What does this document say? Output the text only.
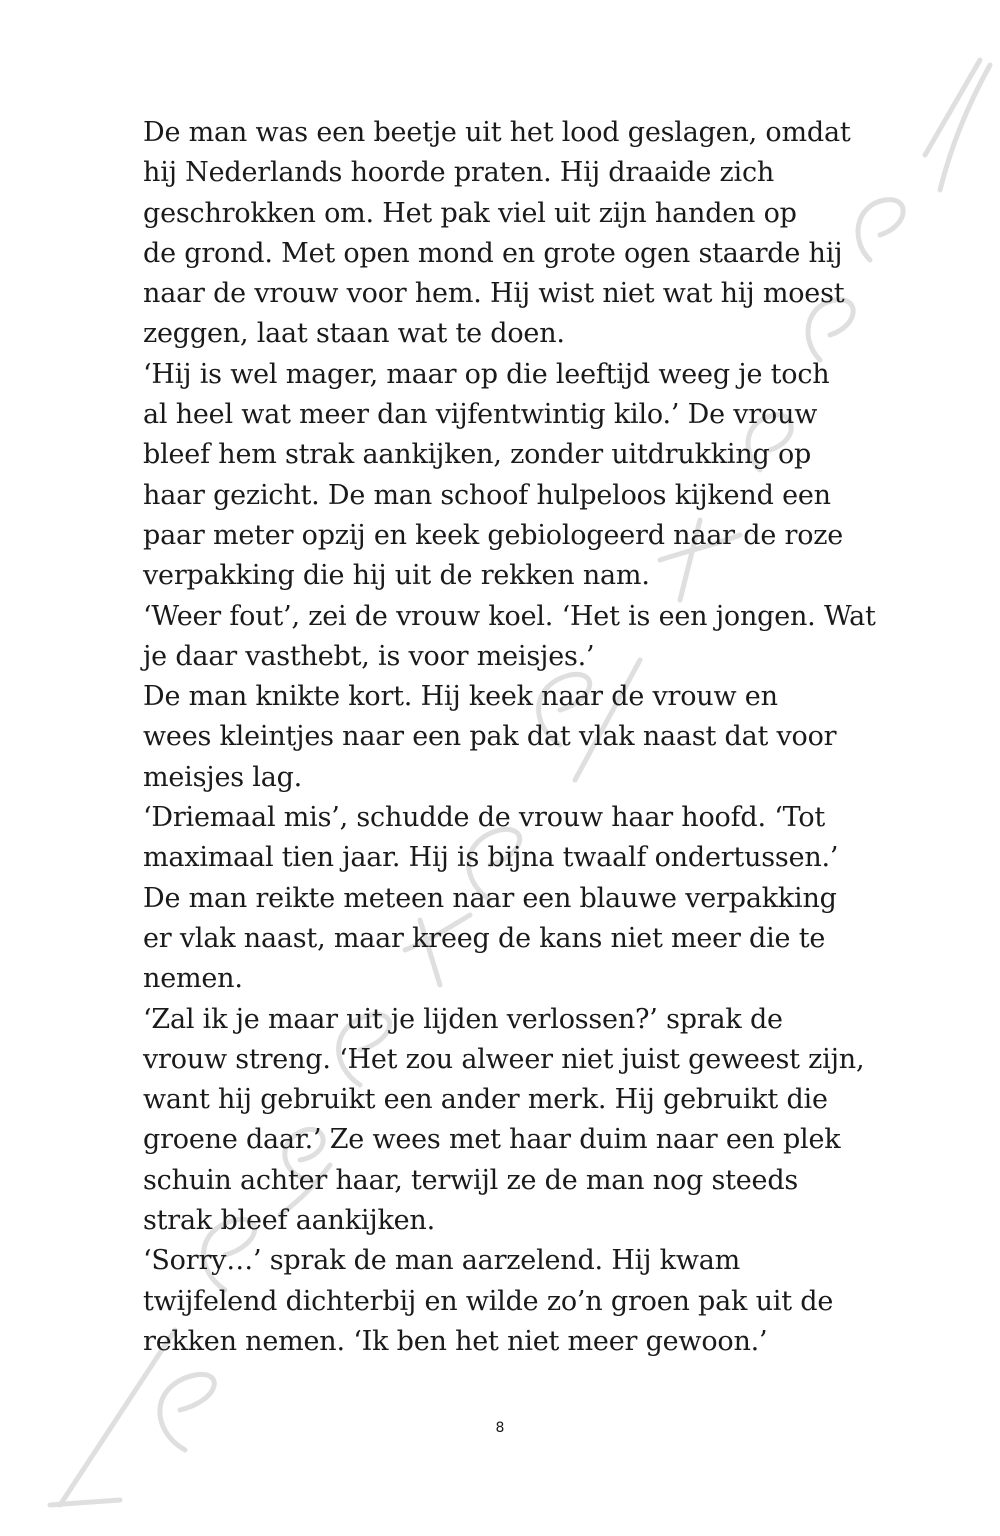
De man was een beetje uit het lood geslagen, omdat
hij Nederlands hoorde praten. Hij draaide zich
geschrokken om. Het pak viel uit zijn handen op
de grond. Met open mond en grote ogen staarde hij
naar de vrouw voor hem. Hij wist niet wat hij moest
zeggen, laat staan wat te doen.
‘Hij is wel mager, maar op die leeftijd weeg je toch
al heel wat meer dan vijfentwintig kilo.’ De vrouw
bleef hem strak aankijken, zonder uitdrukking op
haar gezicht. De man schoof hulpeloos kijkend een
paar meter opzij en keek gebiologeerd naar de roze
verpakking die hij uit de rekken nam.
‘Weer fout’, zei de vrouw koel. ‘Het is een jongen. Wat
je daar vasthebt, is voor meisjes.’
De man knikte kort. Hij keek naar de vrouw en
wees kleintjes naar een pak dat vlak naast dat voor
meisjes lag.
‘Driemaal mis’, schudde de vrouw haar hoofd. ‘Tot
maximaal tien jaar. Hij is bijna twaalf ondertussen.’
De man reikte meteen naar een blauwe verpakking
er vlak naast, maar kreeg de kans niet meer die te
nemen.
‘Zal ik je maar uit je lijden verlossen?’ sprak de
vrouw streng. ‘Het zou alweer niet juist geweest zijn,
want hij gebruikt een ander merk. Hij gebruikt die
groene daar.’ Ze wees met haar duim naar een plek
schuin achter haar, terwijl ze de man nog steeds
strak bleef aankijken.
‘Sorry…’ sprak de man aarzelend. Hij kwam
twijfelend dichterbij en wilde zo’n groen pak uit de
rekken nemen. ‘Ik ben het niet meer gewoon.’
8
